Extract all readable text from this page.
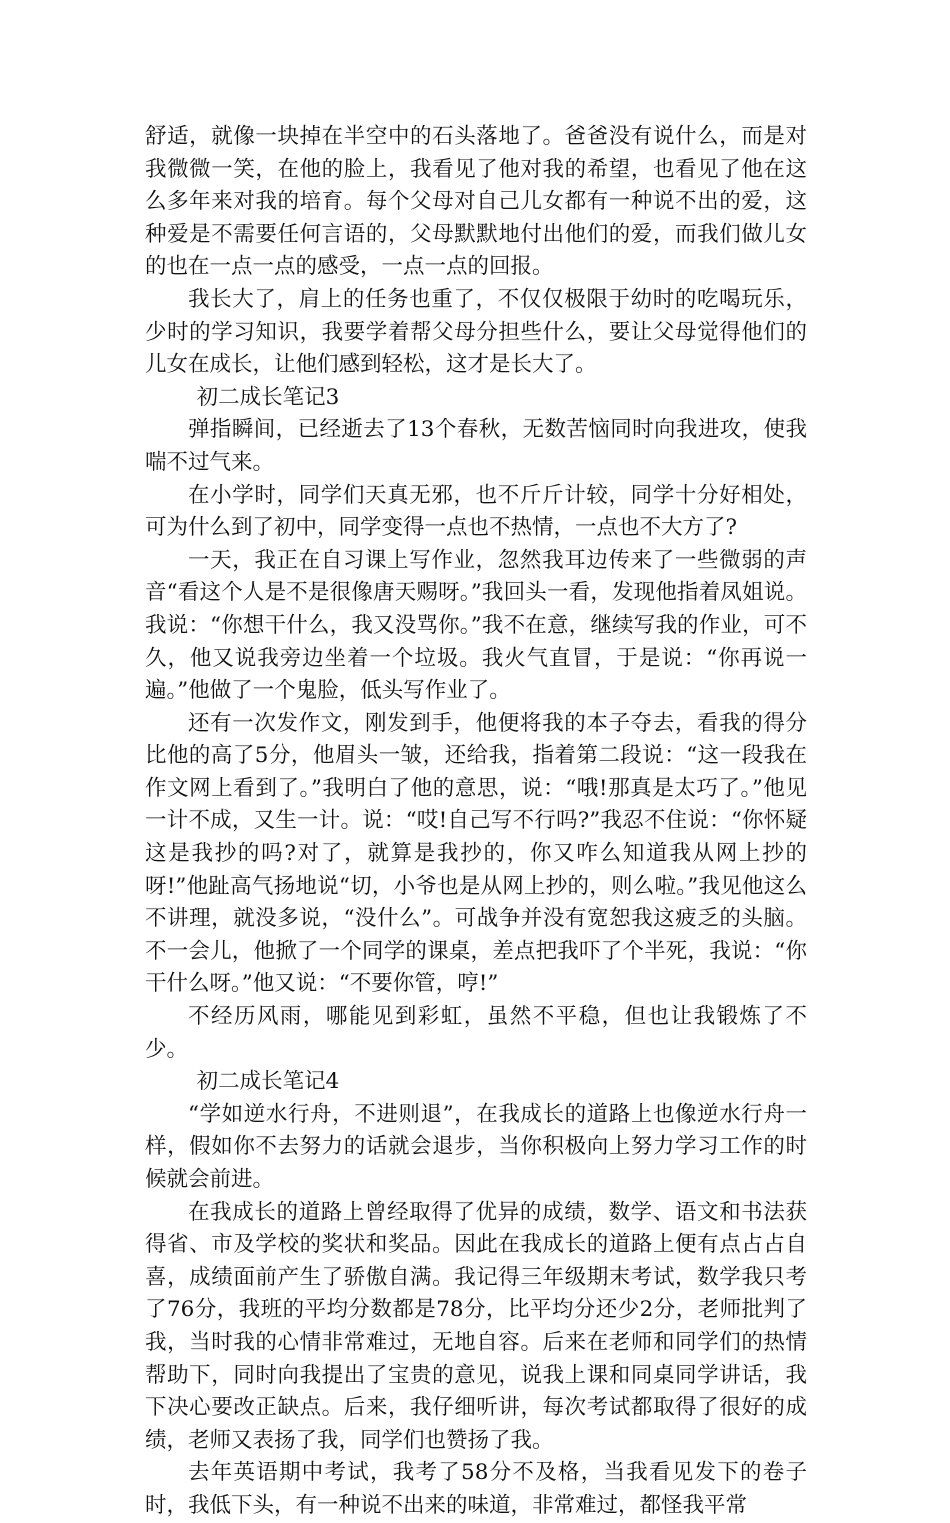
舒适，就像一块掉在半空中的石头落地了。爸爸没有说什么，而是对我微微一笑，在他的脸上，我看见了他对我的希望，也看见了他在这么多年来对我的培育。每个父母对自己儿女都有一种说不出的爱，这种爱是不需要任何言语的，父母默默地付出他们的爱，而我们做儿女的也在一点一点的感受，一点一点的回报。

我长大了，肩上的任务也重了，不仅仅极限于幼时的吃喝玩乐，少时的学习知识，我要学着帮父母分担些什么，要让父母觉得他们的儿女在成长，让他们感到轻松，这才是长大了。

初二成长笔记3

弹指瞬间，已经逝去了13个春秋，无数苦恼同时向我进攻，使我喘不过气来。

在小学时，同学们天真无邪，也不斤斤计较，同学十分好相处，可为什么到了初中，同学变得一点也不热情，一点也不大方了?

一天，我正在自习课上写作业，忽然我耳边传来了一些微弱的声音“看这个人是不是很像唐天赐呀。”我回头一看，发现他指着凤姐说。我说：“你想干什么，我又没骂你。”我不在意，继续写我的作业，可不久，他又说我旁边坐着一个垃圾。我火气直冒，于是说：“你再说一遍。”他做了一个鬼脸，低头写作业了。

还有一次发作文，刚发到手，他便将我的本子夺去，看我的得分比他的高了5分，他眉头一皱，还给我，指着第二段说：“这一段我在作文网上看到了。”我明白了他的意思，说：“哦!那真是太巧了。”他见一计不成，又生一计。说：“哎!自己写不行吗?”我忍不住说：“你怀疑这是我抄的吗?对了，就算是我抄的，你又咋么知道我从网上抄的呀!”他趾高气扬地说“切，小爷也是从网上抄的，则么啦。”我见他这么不讲理，就没多说，“没什么”。可战争并没有宽恕我这疲乏的头脑。不一会儿，他掀了一个同学的课桌，差点把我吓了个半死，我说：“你干什么呀。”他又说：“不要你管，哼!”

不经历风雨，哪能见到彩虹，虽然不平稳，但也让我锻炼了不少。

初二成长笔记4

“学如逆水行舟，不进则退”，在我成长的道路上也像逆水行舟一样，假如你不去努力的话就会退步，当你积极向上努力学习工作的时候就会前进。

在我成长的道路上曾经取得了优异的成绩，数学、语文和书法获得省、市及学校的奖状和奖品。因此在我成长的道路上便有点占占自喜，成绩面前产生了骄傲自满。我记得三年级期末考试，数学我只考了76分，我班的平均分数都是78分，比平均分还少2分，老师批判了我，当时我的心情非常难过，无地自容。后来在老师和同学们的热情帮助下，同时向我提出了宝贵的意见，说我上课和同桌同学讲话，我下决心要改正缺点。后来，我仔细听讲，每次考试都取得了很好的成绩，老师又表扬了我，同学们也赞扬了我。

去年英语期中考试，我考了58分不及格，当我看见发下的卷子时，我低下头，有一种说不出来的味道，非常难过，都怪我平常
